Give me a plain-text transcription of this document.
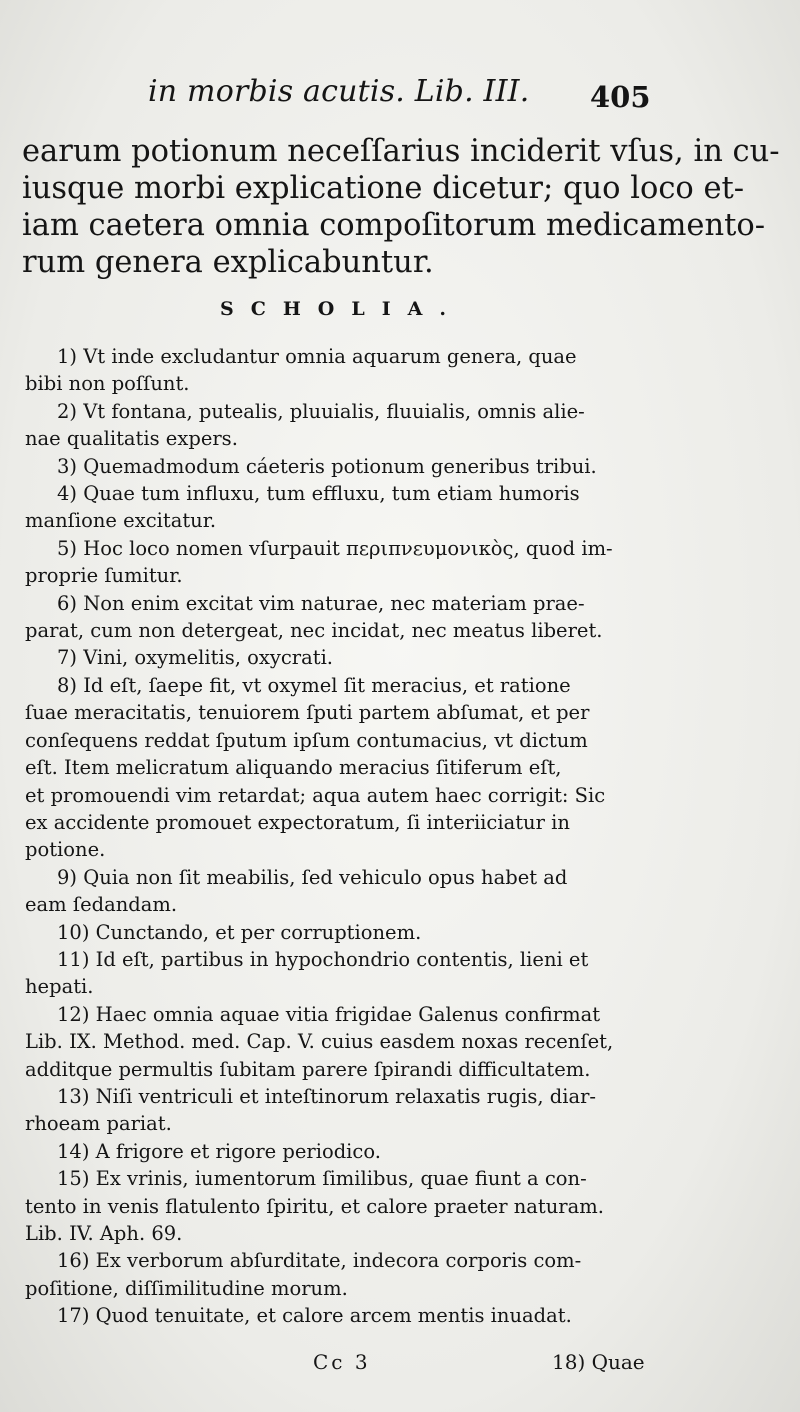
in morbis acutis. Lib. III. 405
earum potionum neceſſarius inciderit vſus, in cu-
iusque morbi explicatione dicetur; quo loco et-
iam caetera omnia compoſitorum medicamento-
rum genera explicabuntur.
SCHOLIA.
1) Vt inde excludantur omnia aquarum genera, quae
bibi non poſſunt.
2) Vt fontana, putealis, pluuialis, fluuialis, omnis alie-
nae qualitatis expers.
3) Quemadmodum cáeteris potionum generibus tribui.
4) Quae tum influxu, tum effluxu, tum etiam humoris
manſione excitatur.
5) Hoc loco nomen vſurpauit περιπνευμονικὸς, quod im-
proprie ſumitur.
6) Non enim excitat vim naturae, nec materiam prae-
parat, cum non detergeat, nec incidat, nec meatus liberet.
7) Vini, oxymelitis, oxycrati.
8) Id eſt, ſaepe fit, vt oxymel ſit meracius, et ratione
ſuae meracitatis, tenuiorem ſputi partem abſumat, et per
conſequens reddat ſputum ipſum contumacius, vt dictum
eſt. Item melicratum aliquando meracius ſitiferum eſt,
et promouendi vim retardat; aqua autem haec corrigit: Sic
ex accidente promouet expectoratum, ſi interiiciatur in
potione.
9) Quia non ſit meabilis, ſed vehiculo opus habet ad
eam ſedandam.
10) Cunctando, et per corruptionem.
11) Id eſt, partibus in hypochondrio contentis, lieni et
hepati.
12) Haec omnia aquae vitia frigidae Galenus confirmat
Lib. IX. Method. med. Cap. V. cuius easdem noxas recenſet,
additque permultis ſubitam parere ſpirandi difficultatem.
13) Niſi ventriculi et inteſtinorum relaxatis rugis, diar-
rhoeam pariat.
14) A frigore et rigore periodico.
15) Ex vrinis, iumentorum ſimilibus, quae fiunt a con-
tento in venis flatulento ſpiritu, et calore praeter naturam.
Lib. IV. Aph. 69.
16) Ex verborum abſurditate, indecora corporis com-
poſitione, diſſimilitudine morum.
17) Quod tenuitate, et calore arcem mentis inuadat.
Cc 3	18) Quae
